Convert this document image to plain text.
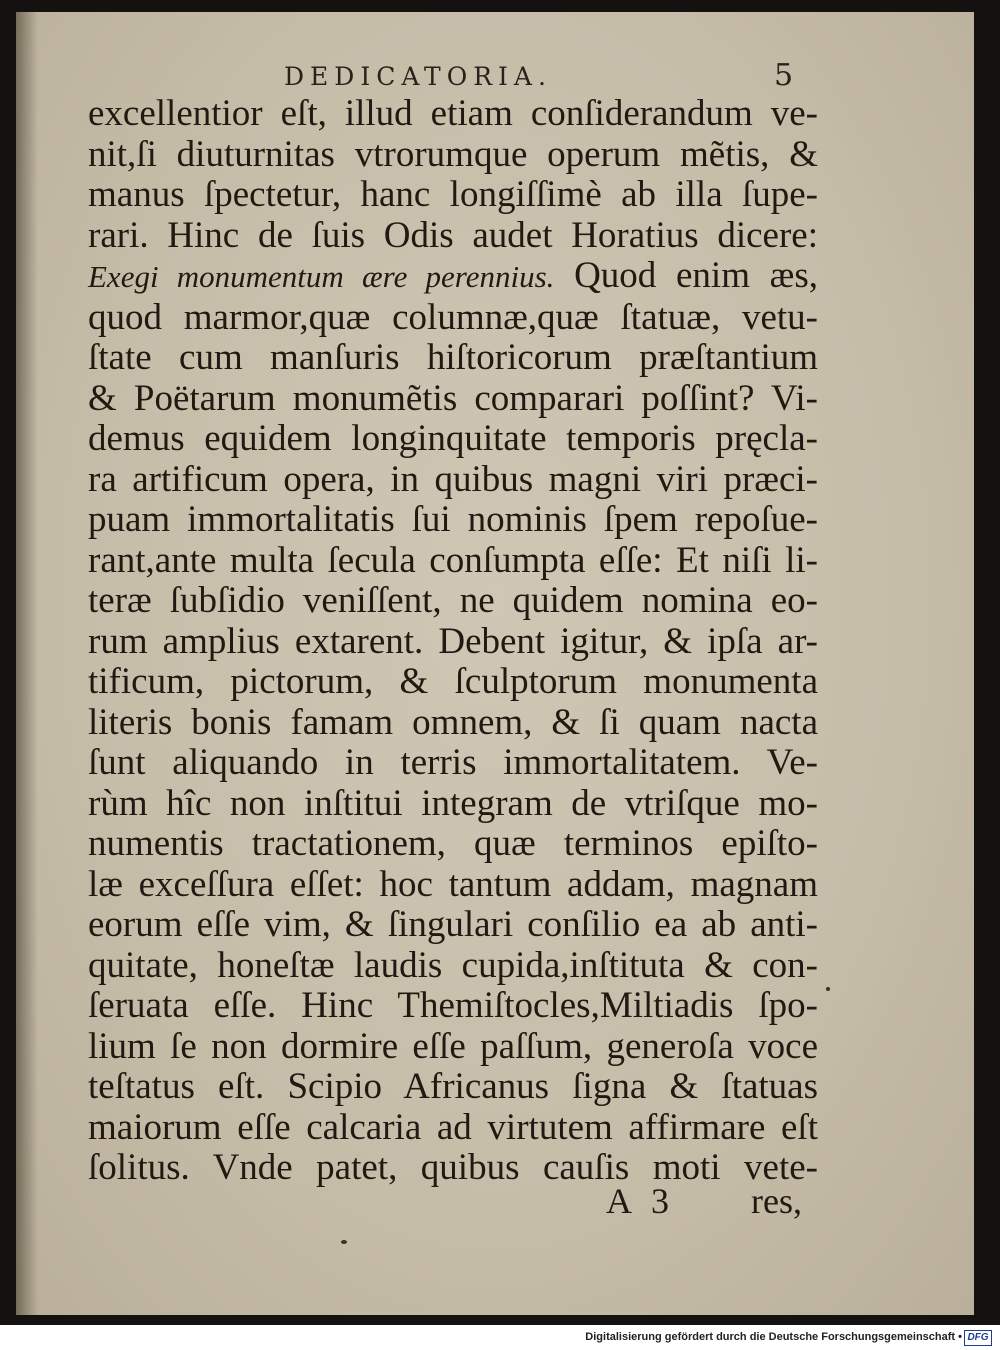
DEDICATORIA.	5
excellentior eſt, illud etiam conſiderandum ve-
nit,ſi diuturnitas vtrorumque operum mẽtis, &
manus ſpectetur, hanc longiſſimè ab illa ſupe-
rari. Hinc de ſuis Odis audet Horatius dicere:
Exegi monumentum ære perennius. Quod enim æs,
quod marmor,quæ columnæ,quæ ſtatuæ, vetu-
ſtate cum manſuris hiſtoricorum præſtantium
& Poëtarum monumẽtis comparari poſſint? Vi-
demus equidem longinquitate temporis pręcla-
ra artificum opera, in quibus magni viri præci-
puam immortalitatis ſui nominis ſpem repoſue-
rant,ante multa ſecula conſumpta eſſe: Et niſi li-
teræ ſubſidio veniſſent, ne quidem nomina eo-
rum amplius extarent. Debent igitur, & ipſa ar-
tificum, pictorum, & ſculptorum monumenta
literis bonis famam omnem, & ſi quam nacta
ſunt aliquando in terris immortalitatem. Ve-
rùm hîc non inſtitui integram de vtriſque mo-
numentis tractationem, quæ terminos epiſto-
læ exceſſura eſſet: hoc tantum addam, magnam
eorum eſſe vim, & ſingulari conſilio ea ab anti-
quitate, honeſtæ laudis cupida,inſtituta & con-
ſeruata eſſe. Hinc Themiſtocles,Miltiadis ſpo-
lium ſe non dormire eſſe paſſum, generoſa voce
teſtatus eſt. Scipio Africanus ſigna & ſtatuas
maiorum eſſe calcaria ad virtutem affirmare eſt
ſolitus. Vnde patet, quibus cauſis moti vete-
A 3 res,
Digitalisierung gefördert durch die Deutsche Forschungsgemeinschaft • DFG
